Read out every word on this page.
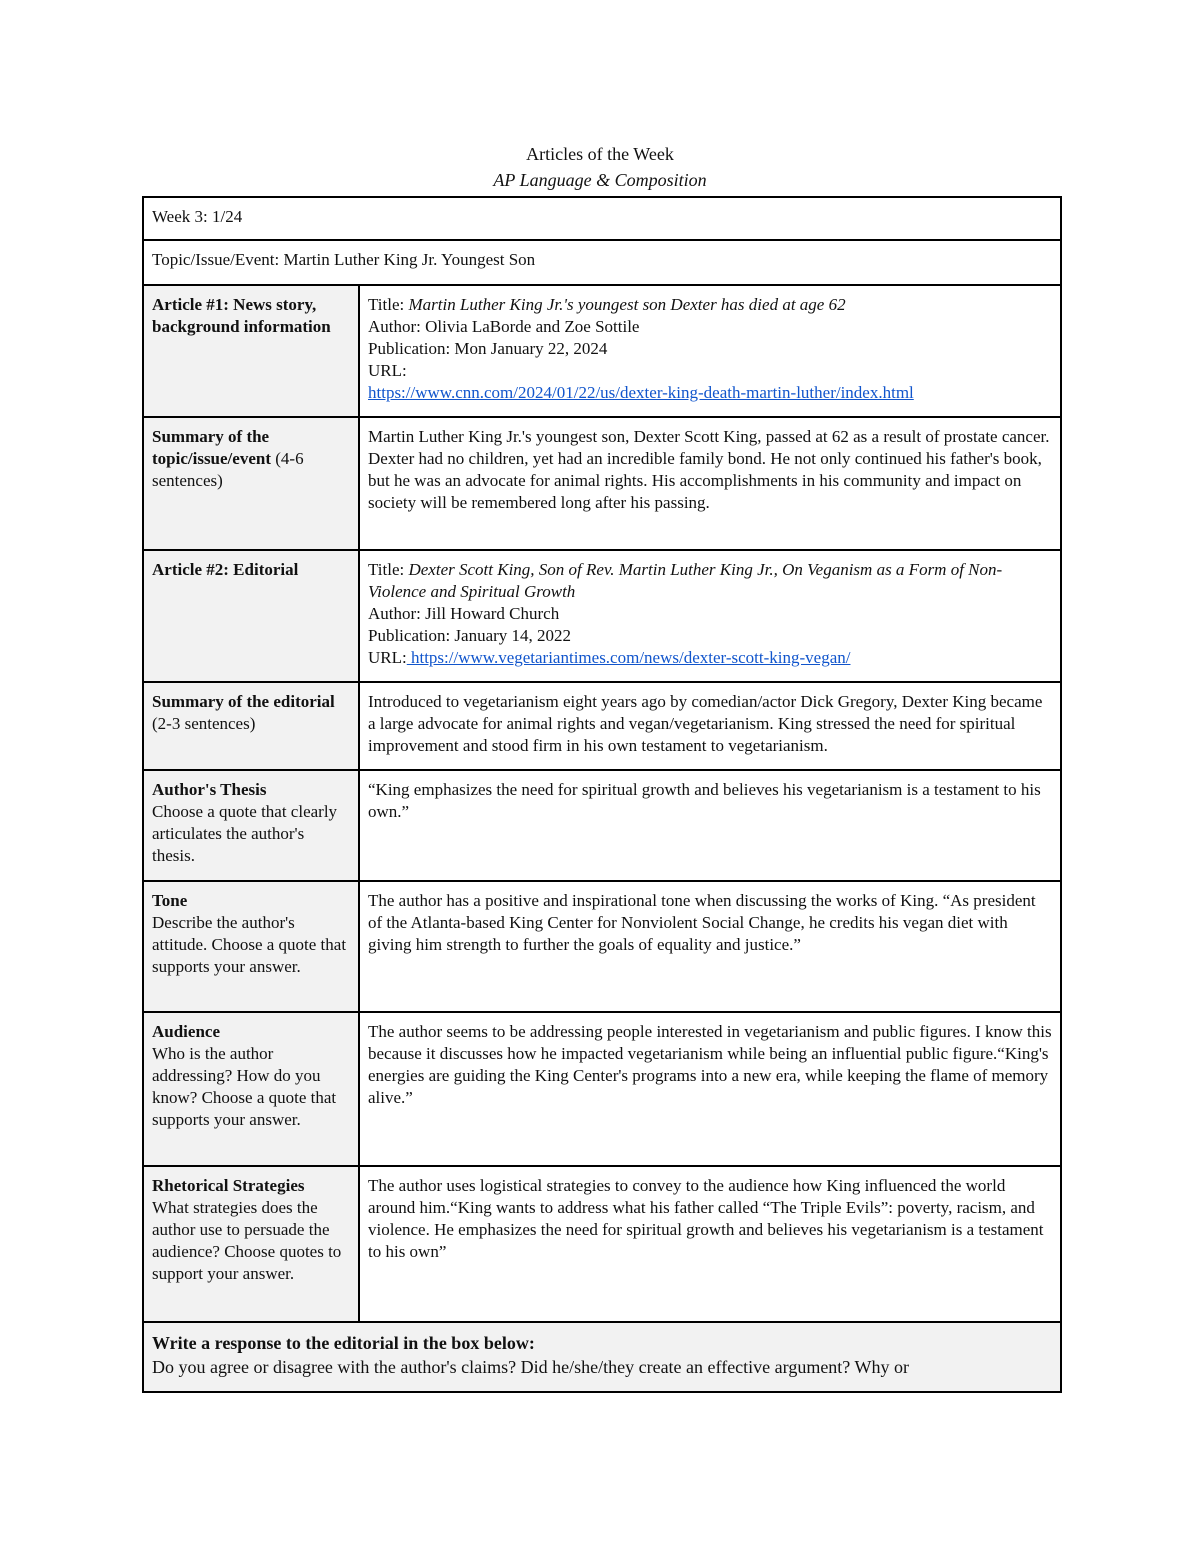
Articles of the Week
AP Language & Composition
Week 3: 1/24	
Topic/Issue/Event: Martin Luther King Jr. Youngest Son	
Article #1: News story, background information	Title: Martin Luther King Jr.'s youngest son Dexter has died at age 62
Author: Olivia LaBorde and Zoe Sottile
Publication: Mon January 22, 2024
URL:
https://www.cnn.com/2024/01/22/us/dexter-king-death-martin-luther/index.html

Summary of the topic/issue/event (4-6 sentences)	Martin Luther King Jr.'s youngest son, Dexter Scott King, passed at 62 as a result of prostate cancer. Dexter had no children, yet had an incredible family bond. He not only continued his father's book, but he was an advocate for animal rights. His accomplishments in his community and impact on society will be remembered long after his passing.
Article #2: Editorial	Title: Dexter Scott King, Son of Rev. Martin Luther King Jr., On Veganism as a Form of Non-Violence and Spiritual Growth
Author: Jill Howard Church
Publication: January 14, 2022
URL: https://www.vegetariantimes.com/news/dexter-scott-king-vegan/

Summary of the editorial (2-3 sentences)	Introduced to vegetarianism eight years ago by comedian/actor Dick Gregory, Dexter King became a large advocate for animal rights and vegan/vegetarianism. King stressed the need for spiritual improvement and stood firm in his own testament to vegetarianism.

Author's Thesis
Choose a quote that clearly articulates the author's thesis.	“King emphasizes the need for spiritual growth and believes his vegetarianism is a testament to his own.”

Tone
Describe the author's attitude. Choose a quote that supports your answer.	The author has a positive and inspirational tone when discussing the works of King. “As president of the Atlanta-based King Center for Nonviolent Social Change, he credits his vegan diet with giving him strength to further the goals of equality and justice.”

Audience
Who is the author addressing? How do you know? Choose a quote that supports your answer.	The author seems to be addressing people interested in vegetarianism and public figures. I know this because it discusses how he impacted vegetarianism while being an influential public figure.“King's energies are guiding the King Center's programs into a new era, while keeping the flame of memory alive.”

Rhetorical Strategies
What strategies does the author use to persuade the audience? Choose quotes to support your answer.	The author uses logistical strategies to convey to the audience how King influenced the world around him.“King wants to address what his father called “The Triple Evils”: poverty, racism, and violence. He emphasizes the need for spiritual growth and believes his vegetarianism is a testament to his own”

Write a response to the editorial in the box below:
Do you agree or disagree with the author's claims? Did he/she/they create an effective argument? Why or	
